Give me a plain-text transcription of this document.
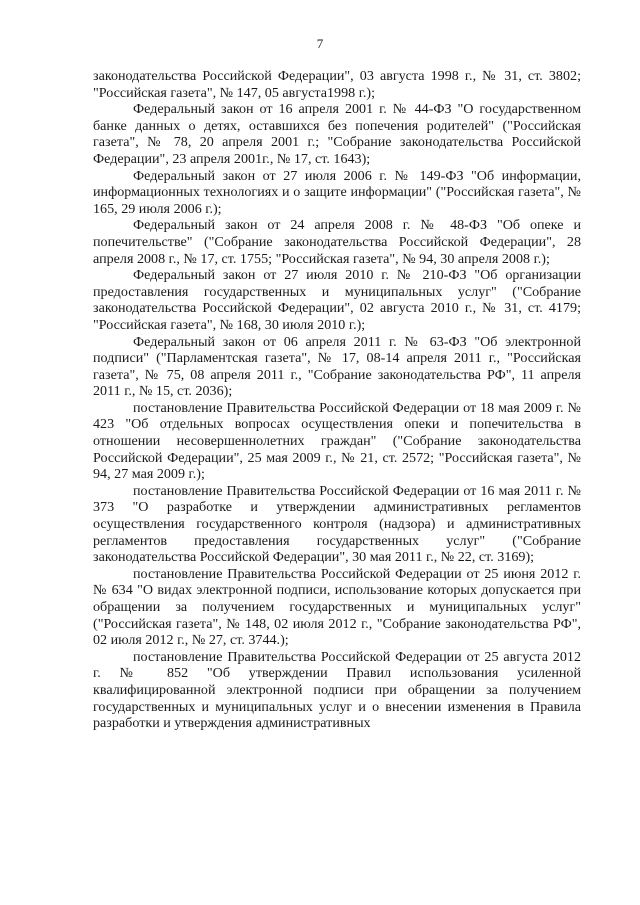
7

законодательства Российской Федерации", 03 августа 1998 г., № 31, ст. 3802; "Российская газета", № 147, 05 августа1998 г.);

Федеральный закон от 16 апреля 2001 г. № 44-ФЗ "О государственном банке данных о детях, оставшихся без попечения родителей" ("Российская газета", № 78, 20 апреля 2001 г.; "Собрание законодательства Российской Федерации", 23 апреля 2001г., № 17, ст. 1643);

Федеральный закон от 27 июля 2006 г. № 149-ФЗ "Об информации, информационных технологиях и о защите информации" ("Российская газета", № 165, 29 июля 2006 г.);

Федеральный закон от 24 апреля 2008 г. № 48-ФЗ "Об опеке и попечительстве" ("Собрание законодательства Российской Федерации", 28 апреля 2008 г., № 17, ст. 1755; "Российская газета", № 94, 30 апреля 2008 г.);

Федеральный закон от 27 июля 2010 г. № 210-ФЗ "Об организации предоставления государственных и муниципальных услуг" ("Собрание законодательства Российской Федерации", 02 августа 2010 г., № 31, ст. 4179; "Российская газета", № 168, 30 июля 2010 г.);

Федеральный закон от 06 апреля 2011 г. № 63-ФЗ "Об электронной подписи" ("Парламентская газета", № 17, 08-14 апреля 2011 г., "Российская газета", № 75, 08 апреля 2011 г., "Собрание законодательства РФ", 11 апреля 2011 г., № 15, ст. 2036);

постановление Правительства Российской Федерации от 18 мая 2009 г. № 423 "Об отдельных вопросах осуществления опеки и попечительства в отношении несовершеннолетних граждан" ("Собрание законодательства Российской Федерации", 25 мая 2009 г., № 21, ст. 2572; "Российская газета", № 94, 27 мая 2009 г.);

постановление Правительства Российской Федерации от 16 мая 2011 г. № 373 "О разработке и утверждении административных регламентов осуществления государственного контроля (надзора) и административных регламентов предоставления государственных услуг" ("Собрание законодательства Российской Федерации", 30 мая 2011 г., № 22, ст. 3169);

постановление Правительства Российской Федерации от 25 июня 2012 г. № 634 "О видах электронной подписи, использование которых допускается при обращении за получением государственных и муниципальных услуг" ("Российская газета", № 148, 02 июля 2012 г., "Собрание законодательства РФ", 02 июля 2012 г., № 27, ст. 3744.);

постановление Правительства Российской Федерации от 25 августа 2012 г. № 852 "Об утверждении Правил использования усиленной квалифицированной электронной подписи при обращении за получением государственных и муниципальных услуг и о внесении изменения в Правила разработки и утверждения административных
